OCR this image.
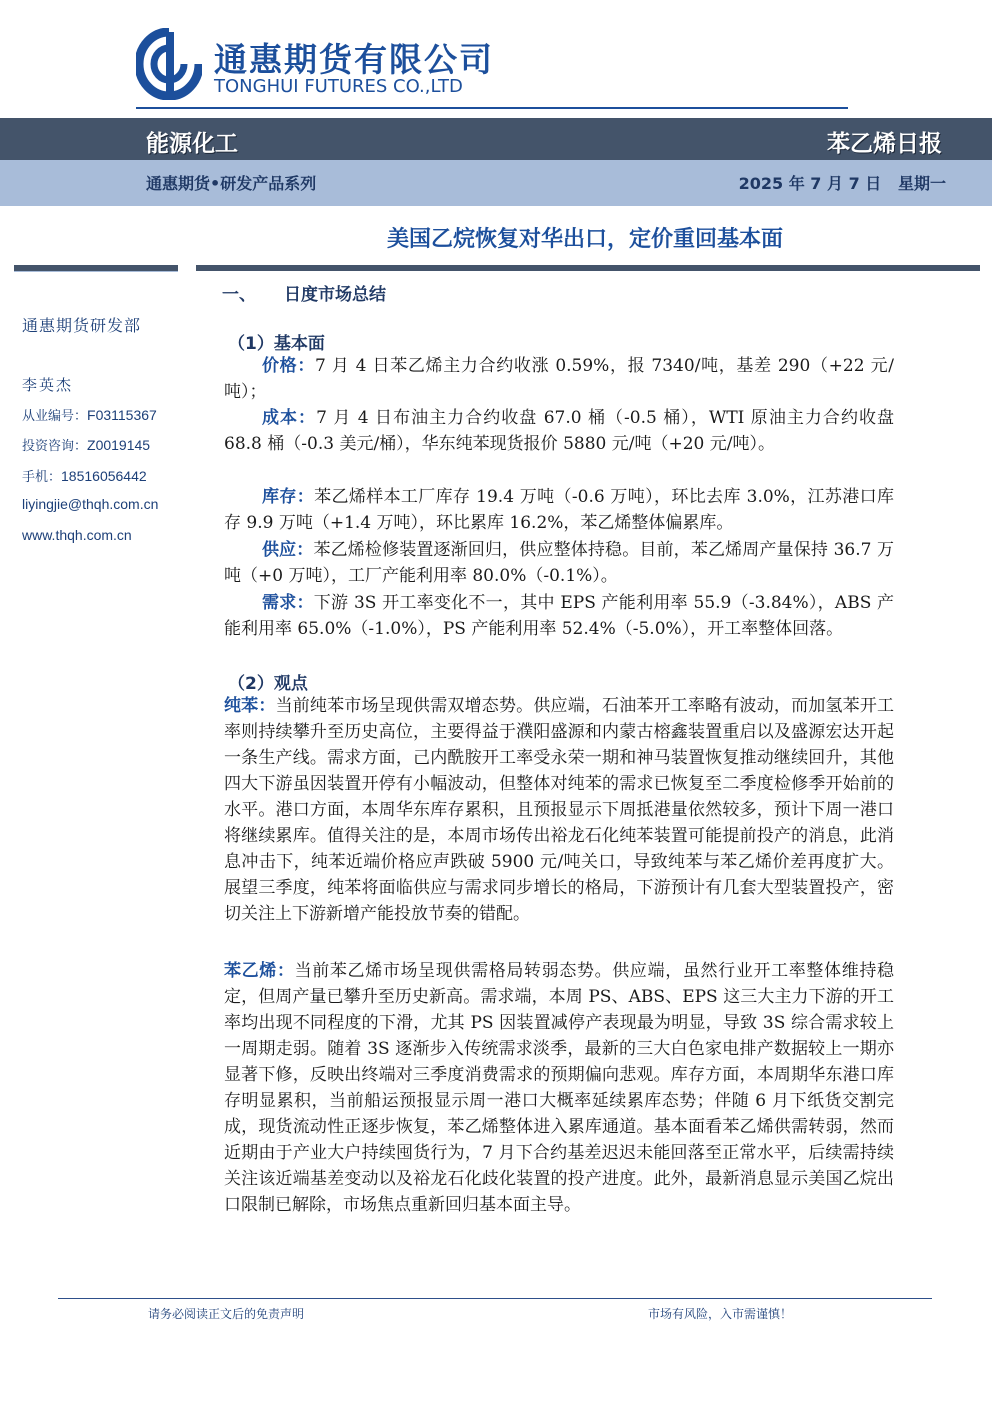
通惠期货有限公司
TONGHUI FUTURES CO.,LTD
能源化工	苯乙烯日报
通惠期货•研发产品系列	2025 年 7 月 7 日   星期一
美国乙烷恢复对华出口，定价重回基本面
通惠期货研发部
李英杰
从业编号：F03115367
投资咨询：Z0019145
手机：18516056442
liyingjie@thqh.com.cn
www.thqh.com.cn
一、 日度市场总结
（1）基本面
价格：7 月 4 日苯乙烯主力合约收涨 0.59%，报 7340/吨，基差 290（+22 元/吨）；
成本：7 月 4 日布油主力合约收盘 67.0 桶（-0.5 桶），WTI 原油主力合约收盘 68.8 桶（-0.3 美元/桶），华东纯苯现货报价 5880 元/吨（+20 元/吨）。
库存：苯乙烯样本工厂库存 19.4 万吨（-0.6 万吨），环比去库 3.0%，江苏港口库存 9.9 万吨（+1.4 万吨），环比累库 16.2%，苯乙烯整体偏累库。
供应：苯乙烯检修装置逐渐回归，供应整体持稳。目前，苯乙烯周产量保持 36.7 万吨（+0 万吨），工厂产能利用率 80.0%（-0.1%）。
需求：下游 3S 开工率变化不一，其中 EPS 产能利用率 55.9（-3.84%），ABS 产能利用率 65.0%（-1.0%），PS 产能利用率 52.4%（-5.0%），开工率整体回落。
（2）观点
纯苯：当前纯苯市场呈现供需双增态势。供应端，石油苯开工率略有波动，而加氢苯开工率则持续攀升至历史高位，主要得益于濮阳盛源和内蒙古榕鑫装置重启以及盛源宏达开起一条生产线。需求方面，己内酰胺开工率受永荣一期和神马装置恢复推动继续回升，其他四大下游虽因装置开停有小幅波动，但整体对纯苯的需求已恢复至二季度检修季开始前的水平。港口方面，本周华东库存累积，且预报显示下周抵港量依然较多，预计下周一港口将继续累库。值得关注的是，本周市场传出裕龙石化纯苯装置可能提前投产的消息，此消息冲击下，纯苯近端价格应声跌破 5900 元/吨关口，导致纯苯与苯乙烯价差再度扩大。展望三季度，纯苯将面临供应与需求同步增长的格局，下游预计有几套大型装置投产，密切关注上下游新增产能投放节奏的错配。
苯乙烯：当前苯乙烯市场呈现供需格局转弱态势。供应端，虽然行业开工率整体维持稳定，但周产量已攀升至历史新高。需求端，本周 PS、ABS、EPS 这三大主力下游的开工率均出现不同程度的下滑，尤其 PS 因装置减停产表现最为明显，导致 3S 综合需求较上一周期走弱。随着 3S 逐渐步入传统需求淡季，最新的三大白色家电排产数据较上一期亦显著下修，反映出终端对三季度消费需求的预期偏向悲观。库存方面，本周期华东港口库存明显累积，当前船运预报显示周一港口大概率延续累库态势；伴随 6 月下纸货交割完成，现货流动性正逐步恢复，苯乙烯整体进入累库通道。基本面看苯乙烯供需转弱，然而近期由于产业大户持续囤货行为，7 月下合约基差迟迟未能回落至正常水平，后续需持续关注该近端基差变动以及裕龙石化歧化装置的投产进度。此外，最新消息显示美国乙烷出口限制已解除，市场焦点重新回归基本面主导。
请务必阅读正文后的免责声明	市场有风险，入市需谨慎！
